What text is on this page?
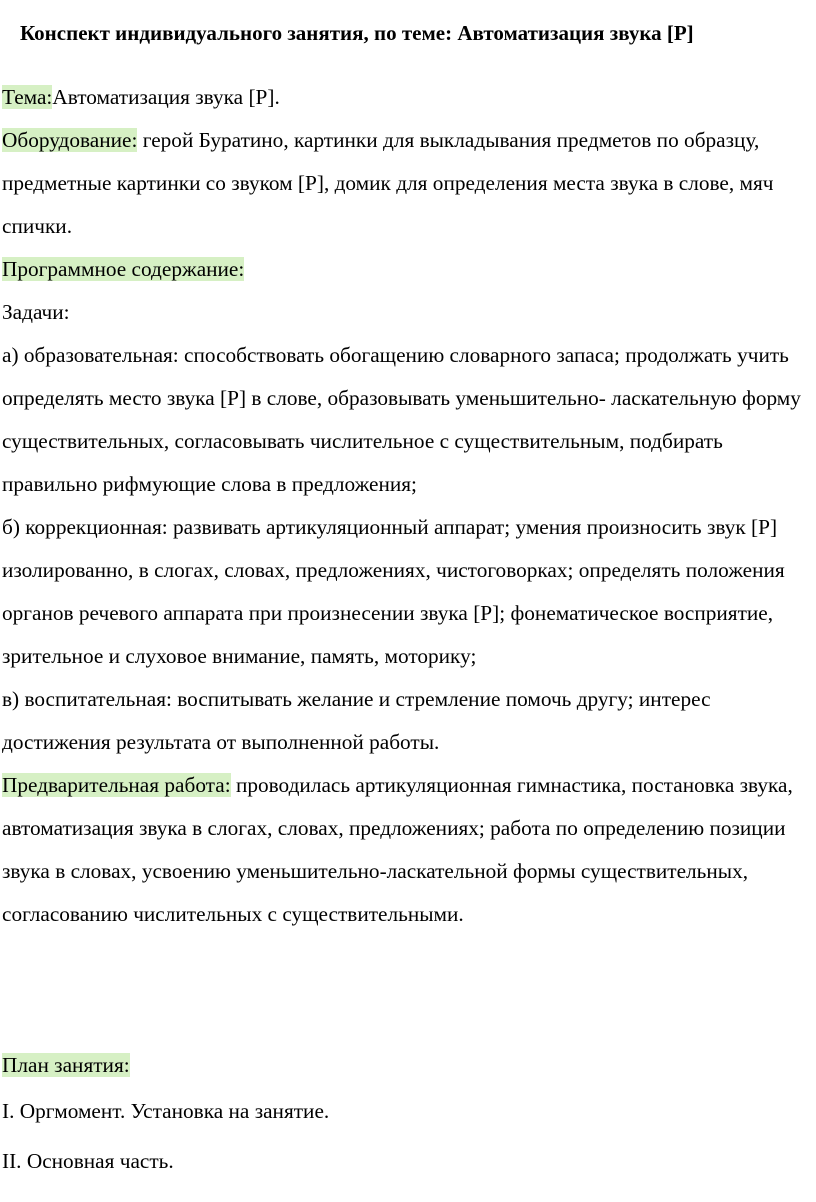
Конспект индивидуального занятия, по теме: Автоматизация звука [Р]

Тема:Автоматизация звука [Р].

Оборудование: герой Буратино, картинки для выкладывания предметов по образцу, предметные картинки со звуком [Р], домик для определения места звука в слове, мяч спички.

Программное содержание:

Задачи:

а) образовательная: способствовать обогащению словарного запаса; продолжать учить определять место звука [Р] в слове, образовывать уменьшительно- ласкательную форму существительных, согласовывать числительное с существительным, подбирать правильно рифмующие слова в предложения;

б) коррекционная: развивать артикуляционный аппарат; умения произносить звук [Р] изолированно, в слогах, словах, предложениях, чистоговорках; определять положения органов речевого аппарата при произнесении звука [Р]; фонематическое восприятие, зрительное и слуховое внимание, память, моторику;

в) воспитательная: воспитывать желание и стремление помочь другу; интерес достижения результата от выполненной работы.

Предварительная работа: проводилась артикуляционная гимнастика, постановка звука, автоматизация звука в слогах, словах, предложениях; работа по определению позиции звука в словах, усвоению уменьшительно-ласкательной формы существительных, согласованию числительных с существительными.

План занятия:
I. Оргмомент. Установка на занятие.
II. Основная часть.
